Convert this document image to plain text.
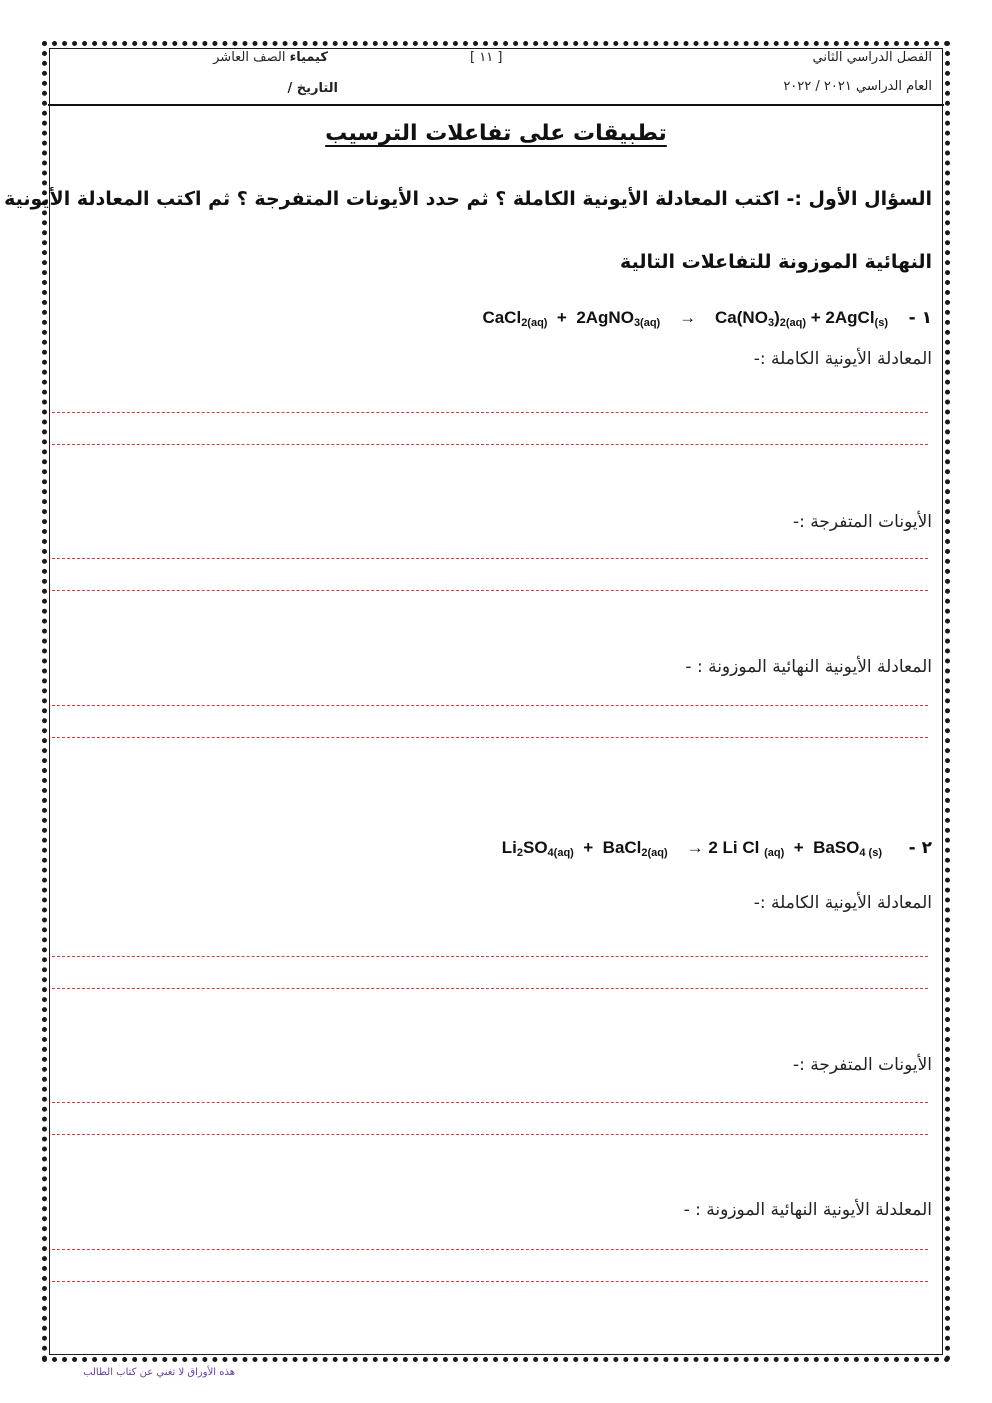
الفصل الدراسي الثاني
العام الدراسي ٢٠٢١ / ٢٠٢٢
[ ١١ ]
كيمياء الصف العاشر
التاريخ /
تطبيقات على تفاعلات الترسيب
السؤال الأول :- اكتب المعادلة الأيونية الكاملة ؟ ثم حدد الأيونات المتفرجة ؟ ثم اكتب المعادلة الأيونية
النهائية الموزونة للتفاعلات التالية
١ -
CaCl$_{2(aq)}$ + 2AgNO$_{3(aq)}$ → $Ca(NO_3)_{2(aq)}$ + 2AgCl$_{(s)}$
المعادلة الأيونية الكاملة :-
الأيونات المتفرجة :-
المعادلة الأيونية النهائية الموزونة : -
٢ -
$Li_2SO_{4(aq)}$ + BaCl$_{2(aq)}$ → 2 Li Cl $_{(aq)}$ + BaSO$_{4 (s)}$
المعادلة الأيونية الكاملة :-
الأيونات المتفرجة :-
المعلدلة الأيونية النهائية الموزونة : -
هذه الأوراق لا تغني عن كتاب الطالب
